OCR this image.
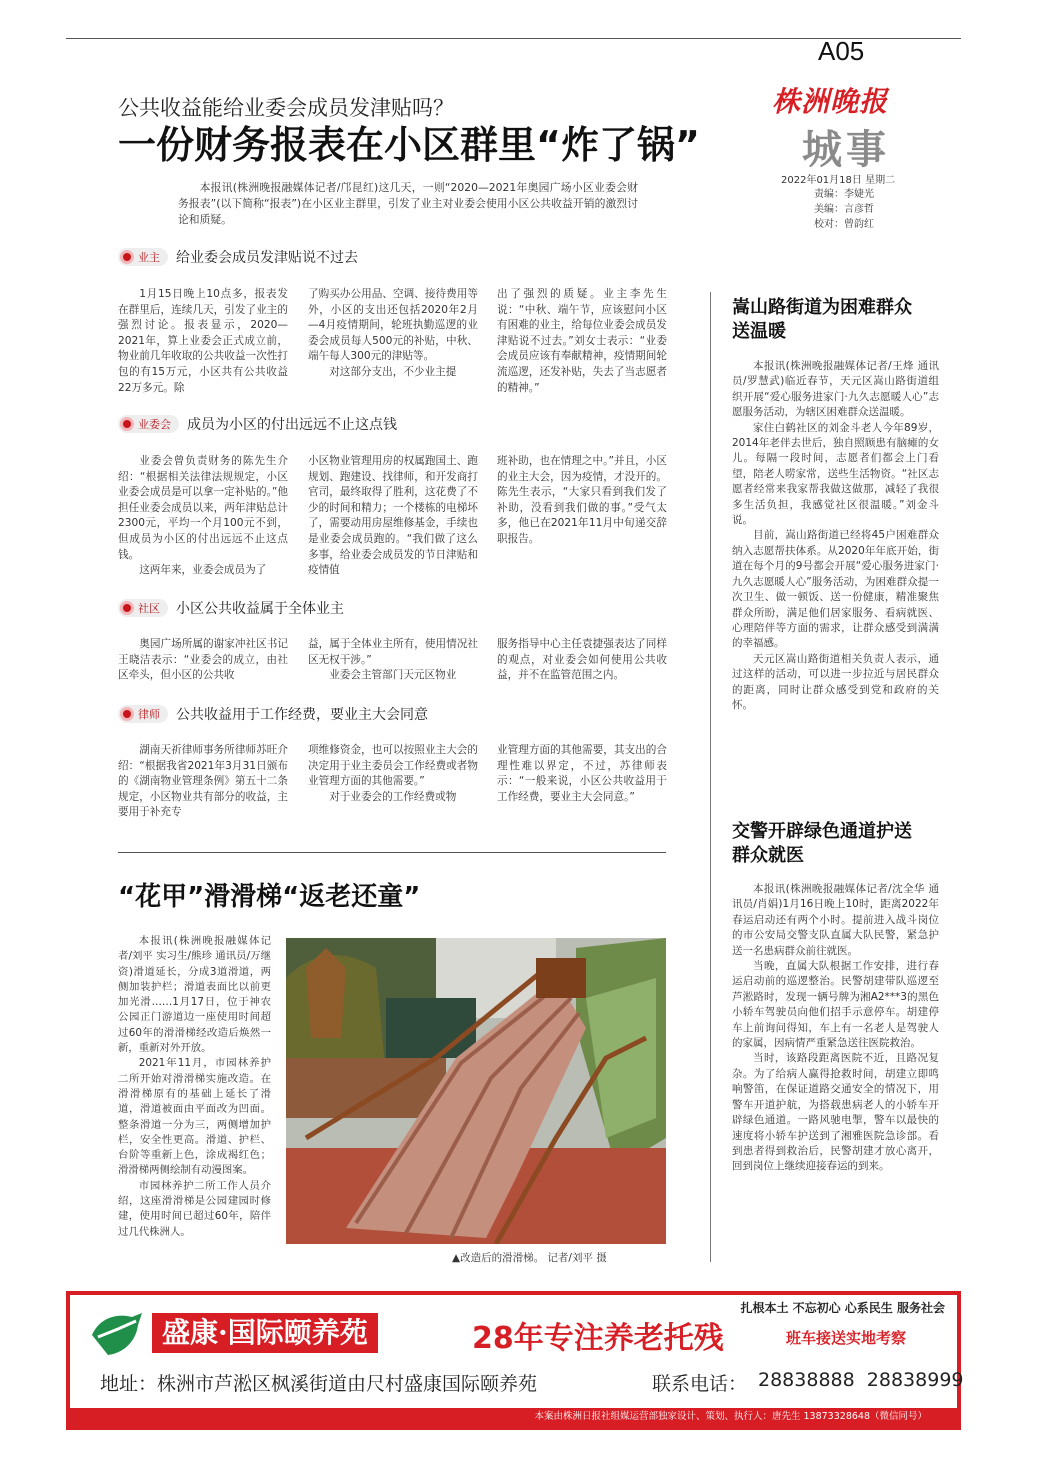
A05
株洲晚报
城事
2022年01月18日 星期二
责编：李婕光
美编：言彦哲
校对：曾韵红
公共收益能给业委会成员发津贴吗？
一份财务报表在小区群里“炸了锅”

本报讯(株洲晚报融媒体记者/邝昆红)这几天，一则“2020—2021年奥园广场小区业委会财务报表”(以下简称“报表”)在小区业主群里，引发了业主对业委会使用小区公共收益开销的激烈讨论和质疑。

业主 给业委会成员发津贴说不过去

1月15日晚上10点多，报表发在群里后，连续几天，引发了业主的强烈讨论。报表显示，2020—2021年，算上业委会正式成立前，物业前几年收取的公共收益一次性打包的有15万元，小区共有公共收益22万多元。除

了购买办公用品、空调、接待费用等外，小区的支出还包括2020年2月—4月疫情期间，轮班执勤巡逻的业委会成员每人500元的补贴，中秋、端午每人300元的津贴等。

对这部分支出，不少业主提

出了强烈的质疑。业主李先生说：“中秋、端午节，应该慰问小区有困难的业主，给每位业委会成员发津贴说不过去。”刘女士表示：“业委会成员应该有奉献精神，疫情期间轮流巡逻，还发补贴，失去了当志愿者的精神。”

业委会 成员为小区的付出远远不止这点钱

业委会曾负责财务的陈先生介绍：“根据相关法律法规规定，小区业委会成员是可以拿一定补贴的。”他担任业委会成员以来，两年津贴总计2300元，平均一个月100元不到，但成员为小区的付出远远不止这点钱。

这两年来，业委会成员为了

小区物业管理用房的权属跑国土、跑规划、跑建设、找律师，和开发商打官司，最终取得了胜利，这花费了不少的时间和精力；一个楼栋的电梯坏了，需要动用房屋维修基金，手续也是业委会成员跑的。“我们做了这么多事，给业委会成员发的节日津贴和疫情值

班补助，也在情理之中。”并且，小区的业主大会，因为疫情，才没开的。陈先生表示，“大家只看到我们发了补助，没看到我们做的事。”受气太多，他已在2021年11月中旬递交辞职报告。

社区 小区公共收益属于全体业主

奥园广场所属的谢家冲社区书记王晓洁表示：“业委会的成立，由社区牵头，但小区的公共收

益，属于全体业主所有，使用情况社区无权干涉。”

业委会主管部门天元区物业

服务指导中心主任袁捷强表达了同样的观点，对业委会如何使用公共收益，并不在监管范围之内。

律师 公共收益用于工作经费，要业主大会同意

湖南天祈律师事务所律师苏旺介绍：“根据我省2021年3月31日颁布的《湖南物业管理条例》第五十二条规定，小区物业共有部分的收益，主要用于补充专

项维修资金，也可以按照业主大会的决定用于业主委员会工作经费或者物业管理方面的其他需要。”

对于业委会的工作经费或物

业管理方面的其他需要，其支出的合理性难以界定，不过，苏律师表示：“一般来说，小区公共收益用于工作经费，要业主大会同意。”

“花甲”滑滑梯“返老还童”

本报讯(株洲晚报融媒体记者/刘平 实习生/熊珍 通讯员/万继资)滑道延长，分成3道滑道，两侧加装护栏；滑道表面比以前更加光滑……1月17日，位于神农公园正门游道边一座使用时间超过60年的滑滑梯经改造后焕然一新，重新对外开放。

2021年11月，市园林养护二所开始对滑滑梯实施改造。在滑滑梯原有的基础上延长了滑道，滑道被面由平面改为凹面。整条滑道一分为三，两侧增加护栏，安全性更高。滑道、护栏、台阶等重新上色，涂成褐红色；滑滑梯两侧绘制有动漫图案。

市园林养护二所工作人员介绍，这座滑滑梯是公园建园时修建，使用时间已超过60年，陪伴过几代株洲人。

▲改造后的滑滑梯。 记者/刘平 摄
嵩山路街道为困难群众送温暖

本报讯(株洲晚报融媒体记者/王烽 通讯员/罗慧武)临近春节，天元区嵩山路街道组织开展“爱心服务进家门·九久志愿暖人心”志愿服务活动，为辖区困难群众送温暖。

家住白鹤社区的刘金斗老人今年89岁，2014年老伴去世后，独自照顾患有脑瘫的女儿。每隔一段时间，志愿者们都会上门看望，陪老人唠家常，送些生活物资。“社区志愿者经常来我家帮我做这做那，减轻了我很多生活负担，我感觉社区很温暖。”刘金斗说。

目前，嵩山路街道已经将45户困难群众纳入志愿帮扶体系。从2020年年底开始，街道在每个月的9号都会开展“爱心服务进家门·九久志愿暖人心”服务活动，为困难群众提一次卫生、做一顿饭、送一份健康，精准聚焦群众所盼，满足他们居家服务、看病就医、心理陪伴等方面的需求，让群众感受到满满的幸福感。

天元区嵩山路街道相关负责人表示，通过这样的活动，可以进一步拉近与居民群众的距离，同时让群众感受到党和政府的关怀。

交警开辟绿色通道护送群众就医

本报讯(株洲晚报融媒体记者/沈全华 通讯员/肖娟)1月16日晚上10时，距离2022年春运启动还有两个小时。提前进入战斗岗位的市公安局交警支队直属大队民警，紧急护送一名患病群众前往就医。

当晚，直属大队根据工作安排，进行春运启动前的巡逻整治。民警胡建带队巡逻至芦淞路时，发现一辆号牌为湘A2***3的黑色小轿车驾驶员向他们招手示意停车。胡建停车上前询问得知，车上有一名老人是驾驶人的家属，因病情严重紧急送往医院救治。

当时，该路段距离医院不近，且路况复杂。为了给病人赢得抢救时间，胡建立即鸣响警笛，在保证道路交通安全的情况下，用警车开道护航，为搭载患病老人的小轿车开辟绿色通道。一路风驰电掣，警车以最快的速度将小轿车护送到了湘雅医院急诊部。看到患者得到救治后，民警胡建才放心离开，回到岗位上继续迎接春运的到来。

盛康·国际颐养苑
扎根本土 不忘初心 心系民生 服务社会
28年专注养老托残	班车接送实地考察
地址：株洲市芦淞区枫溪街道由尺村盛康国际颐养苑	联系电话： 28838888  28838999
本案由株洲日报社组媒运营部独家设计、策划、执行人：唐先生 13873328648（微信同号）
